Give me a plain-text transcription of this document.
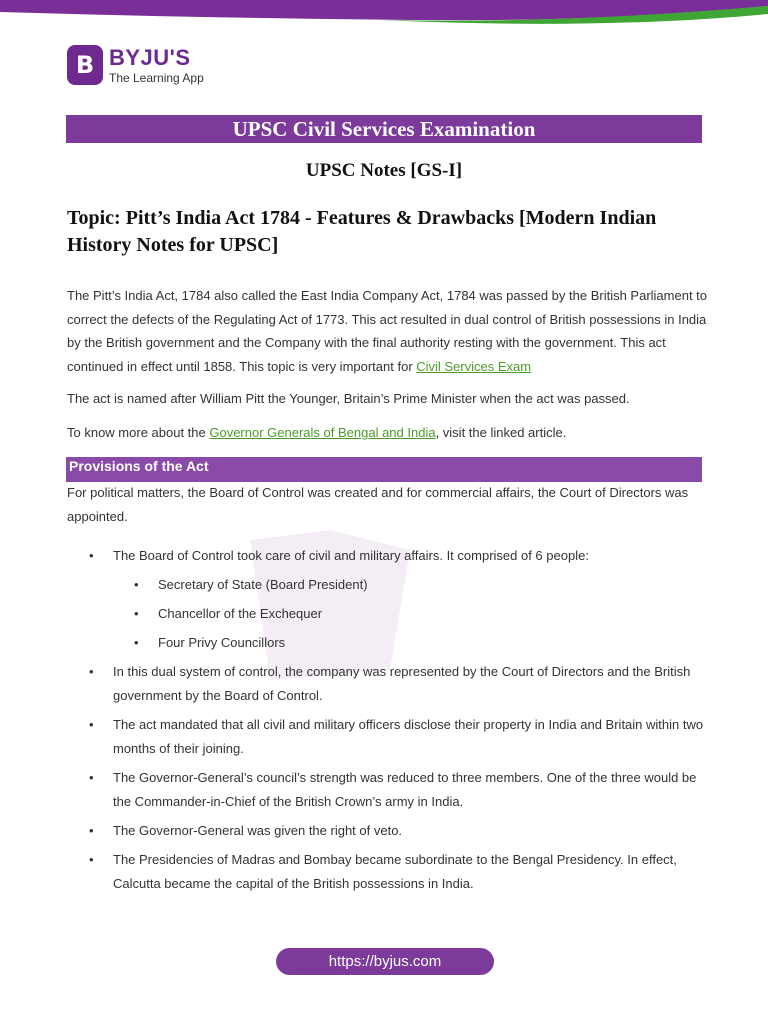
B BYJU'S
The Learning App
UPSC Civil Services Examination
UPSC Notes [GS-I]
Topic: Pitt’s India Act 1784 - Features & Drawbacks [Modern Indian History Notes for UPSC]
The Pitt’s India Act, 1784 also called the East India Company Act, 1784 was passed by the British Parliament to correct the defects of the Regulating Act of 1773. This act resulted in dual control of British possessions in India by the British government and the Company with the final authority resting with the government. This act continued in effect until 1858. This topic is very important for Civil Services Exam
The act is named after William Pitt the Younger, Britain’s Prime Minister when the act was passed.
To know more about the Governor Generals of Bengal and India, visit the linked article.
Provisions of the Act
For political matters, the Board of Control was created and for commercial affairs, the Court of Directors was appointed.
• The Board of Control took care of civil and military affairs. It comprised of 6 people:
• Secretary of State (Board President)
• Chancellor of the Exchequer
• Four Privy Councillors
• In this dual system of control, the company was represented by the Court of Directors and the British government by the Board of Control.
• The act mandated that all civil and military officers disclose their property in India and Britain within two months of their joining.
• The Governor-General’s council’s strength was reduced to three members. One of the three would be the Commander-in-Chief of the British Crown’s army in India.
• The Governor-General was given the right of veto.
• The Presidencies of Madras and Bombay became subordinate to the Bengal Presidency. In effect, Calcutta became the capital of the British possessions in India.
https://byjus.com
